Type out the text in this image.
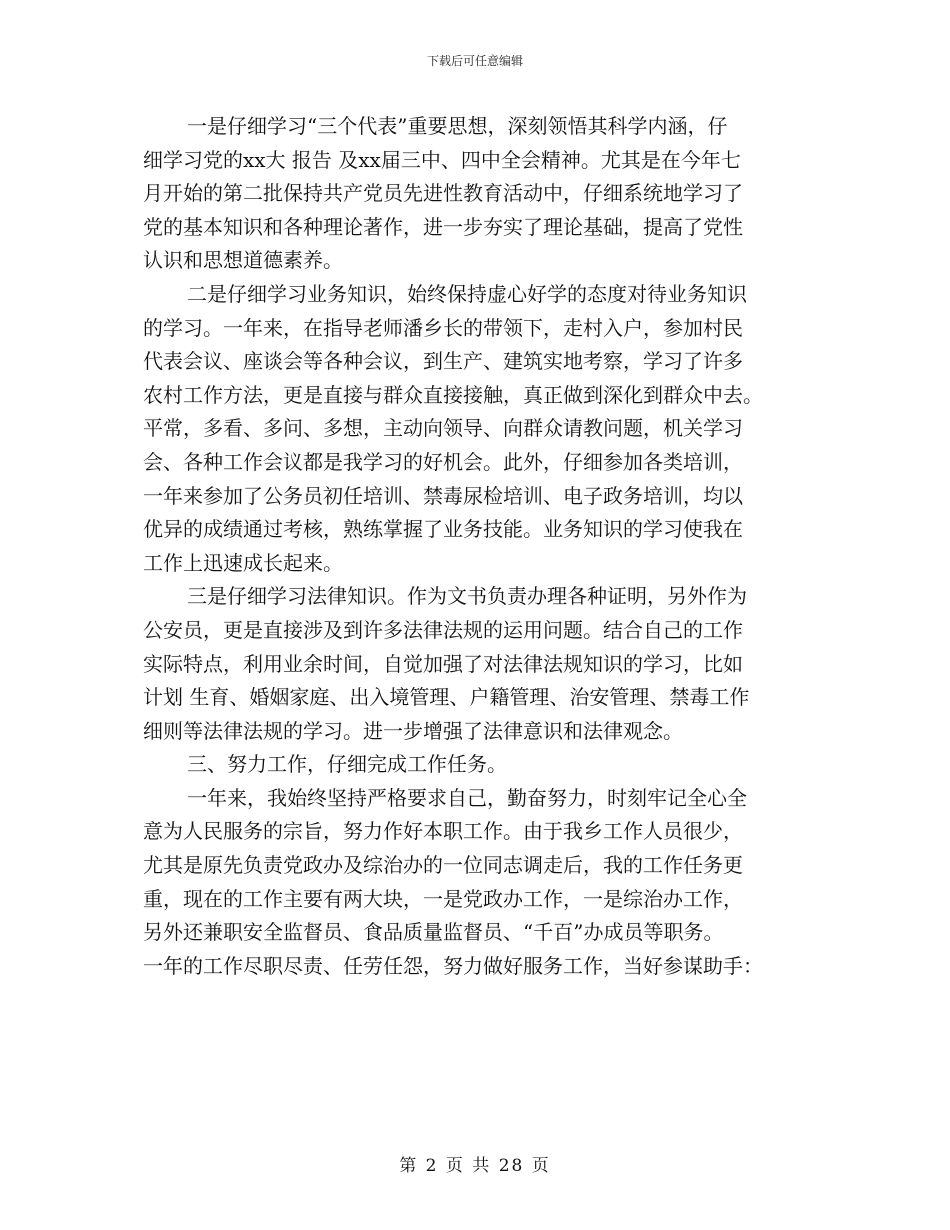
下载后可任意编辑
一是仔细学习“三个代表”重要思想，深刻领悟其科学内涵，仔
细学习党的xx大 报告 及xx届三中、四中全会精神。尤其是在今年七
月开始的第二批保持共产党员先进性教育活动中，仔细系统地学习了
党的基本知识和各种理论著作，进一步夯实了理论基础，提高了党性
认识和思想道德素养。
二是仔细学习业务知识，始终保持虚心好学的态度对待业务知识
的学习。一年来，在指导老师潘乡长的带领下，走村入户，参加村民
代表会议、座谈会等各种会议，到生产、建筑实地考察，学习了许多
农村工作方法，更是直接与群众直接接触，真正做到深化到群众中去。
平常，多看、多问、多想，主动向领导、向群众请教问题，机关学习
会、各种工作会议都是我学习的好机会。此外，仔细参加各类培训，
一年来参加了公务员初任培训、禁毒尿检培训、电子政务培训，均以
优异的成绩通过考核，熟练掌握了业务技能。业务知识的学习使我在
工作上迅速成长起来。
三是仔细学习法律知识。作为文书负责办理各种证明，另外作为
公安员，更是直接涉及到许多法律法规的运用问题。结合自己的工作
实际特点，利用业余时间，自觉加强了对法律法规知识的学习，比如
计划 生育、婚姻家庭、出入境管理、户籍管理、治安管理、禁毒工作
细则等法律法规的学习。进一步增强了法律意识和法律观念。
三、努力工作，仔细完成工作任务。
一年来，我始终坚持严格要求自己，勤奋努力，时刻牢记全心全
意为人民服务的宗旨，努力作好本职工作。由于我乡工作人员很少，
尤其是原先负责党政办及综治办的一位同志调走后，我的工作任务更
重，现在的工作主要有两大块，一是党政办工作，一是综治办工作，
另外还兼职安全监督员、食品质量监督员、“千百”办成员等职务。
一年的工作尽职尽责、任劳任怨，努力做好服务工作，当好参谋助手：
第 2 页 共 28 页
